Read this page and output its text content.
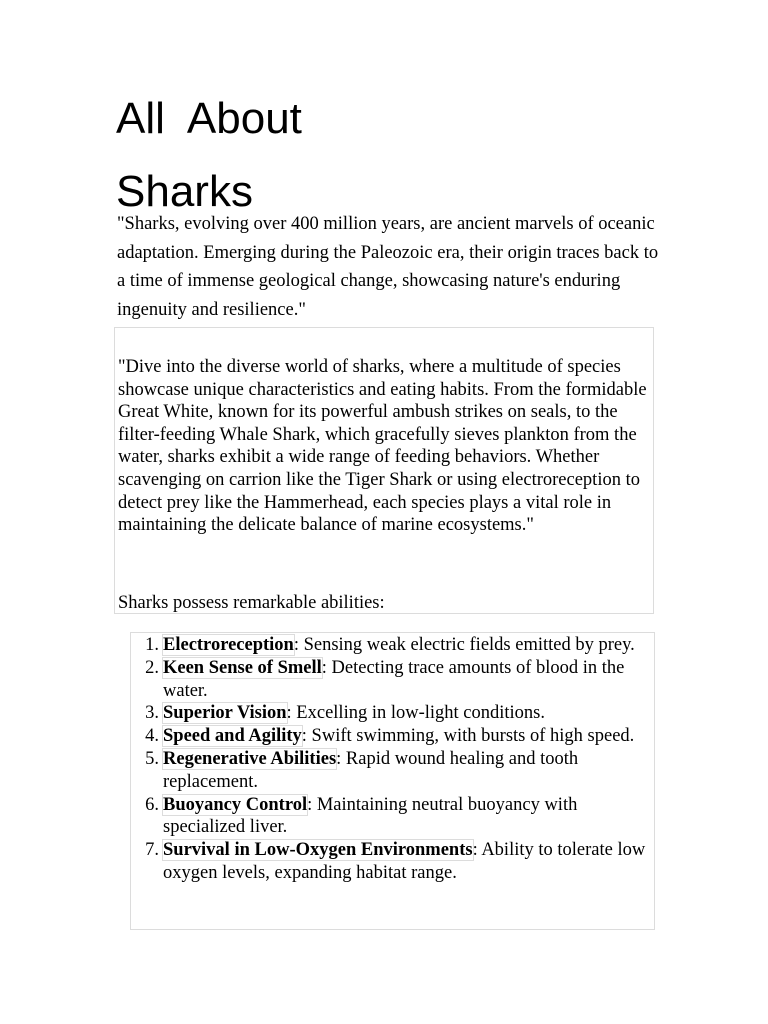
All  About Sharks

"Sharks, evolving over 400 million years, are ancient marvels of oceanic adaptation. Emerging during the Paleozoic era, their origin traces back to a time of immense geological change, showcasing nature's enduring ingenuity and resilience."

"Dive into the diverse world of sharks, where a multitude of species showcase unique characteristics and eating habits. From the formidable Great White, known for its powerful ambush strikes on seals, to the filter-feeding Whale Shark, which gracefully sieves plankton from the water, sharks exhibit a wide range of feeding behaviors. Whether scavenging on carrion like the Tiger Shark or using electroreception to detect prey like the Hammerhead, each species plays a vital role in maintaining the delicate balance of marine ecosystems."

Sharks possess remarkable abilities:

1. Electroreception: Sensing weak electric fields emitted by prey.
2. Keen Sense of Smell: Detecting trace amounts of blood in the water.
3. Superior Vision: Excelling in low-light conditions.
4. Speed and Agility: Swift swimming, with bursts of high speed.
5. Regenerative Abilities: Rapid wound healing and tooth replacement.
6. Buoyancy Control: Maintaining neutral buoyancy with specialized liver.
7. Survival in Low-Oxygen Environments: Ability to tolerate low oxygen levels, expanding habitat range.
